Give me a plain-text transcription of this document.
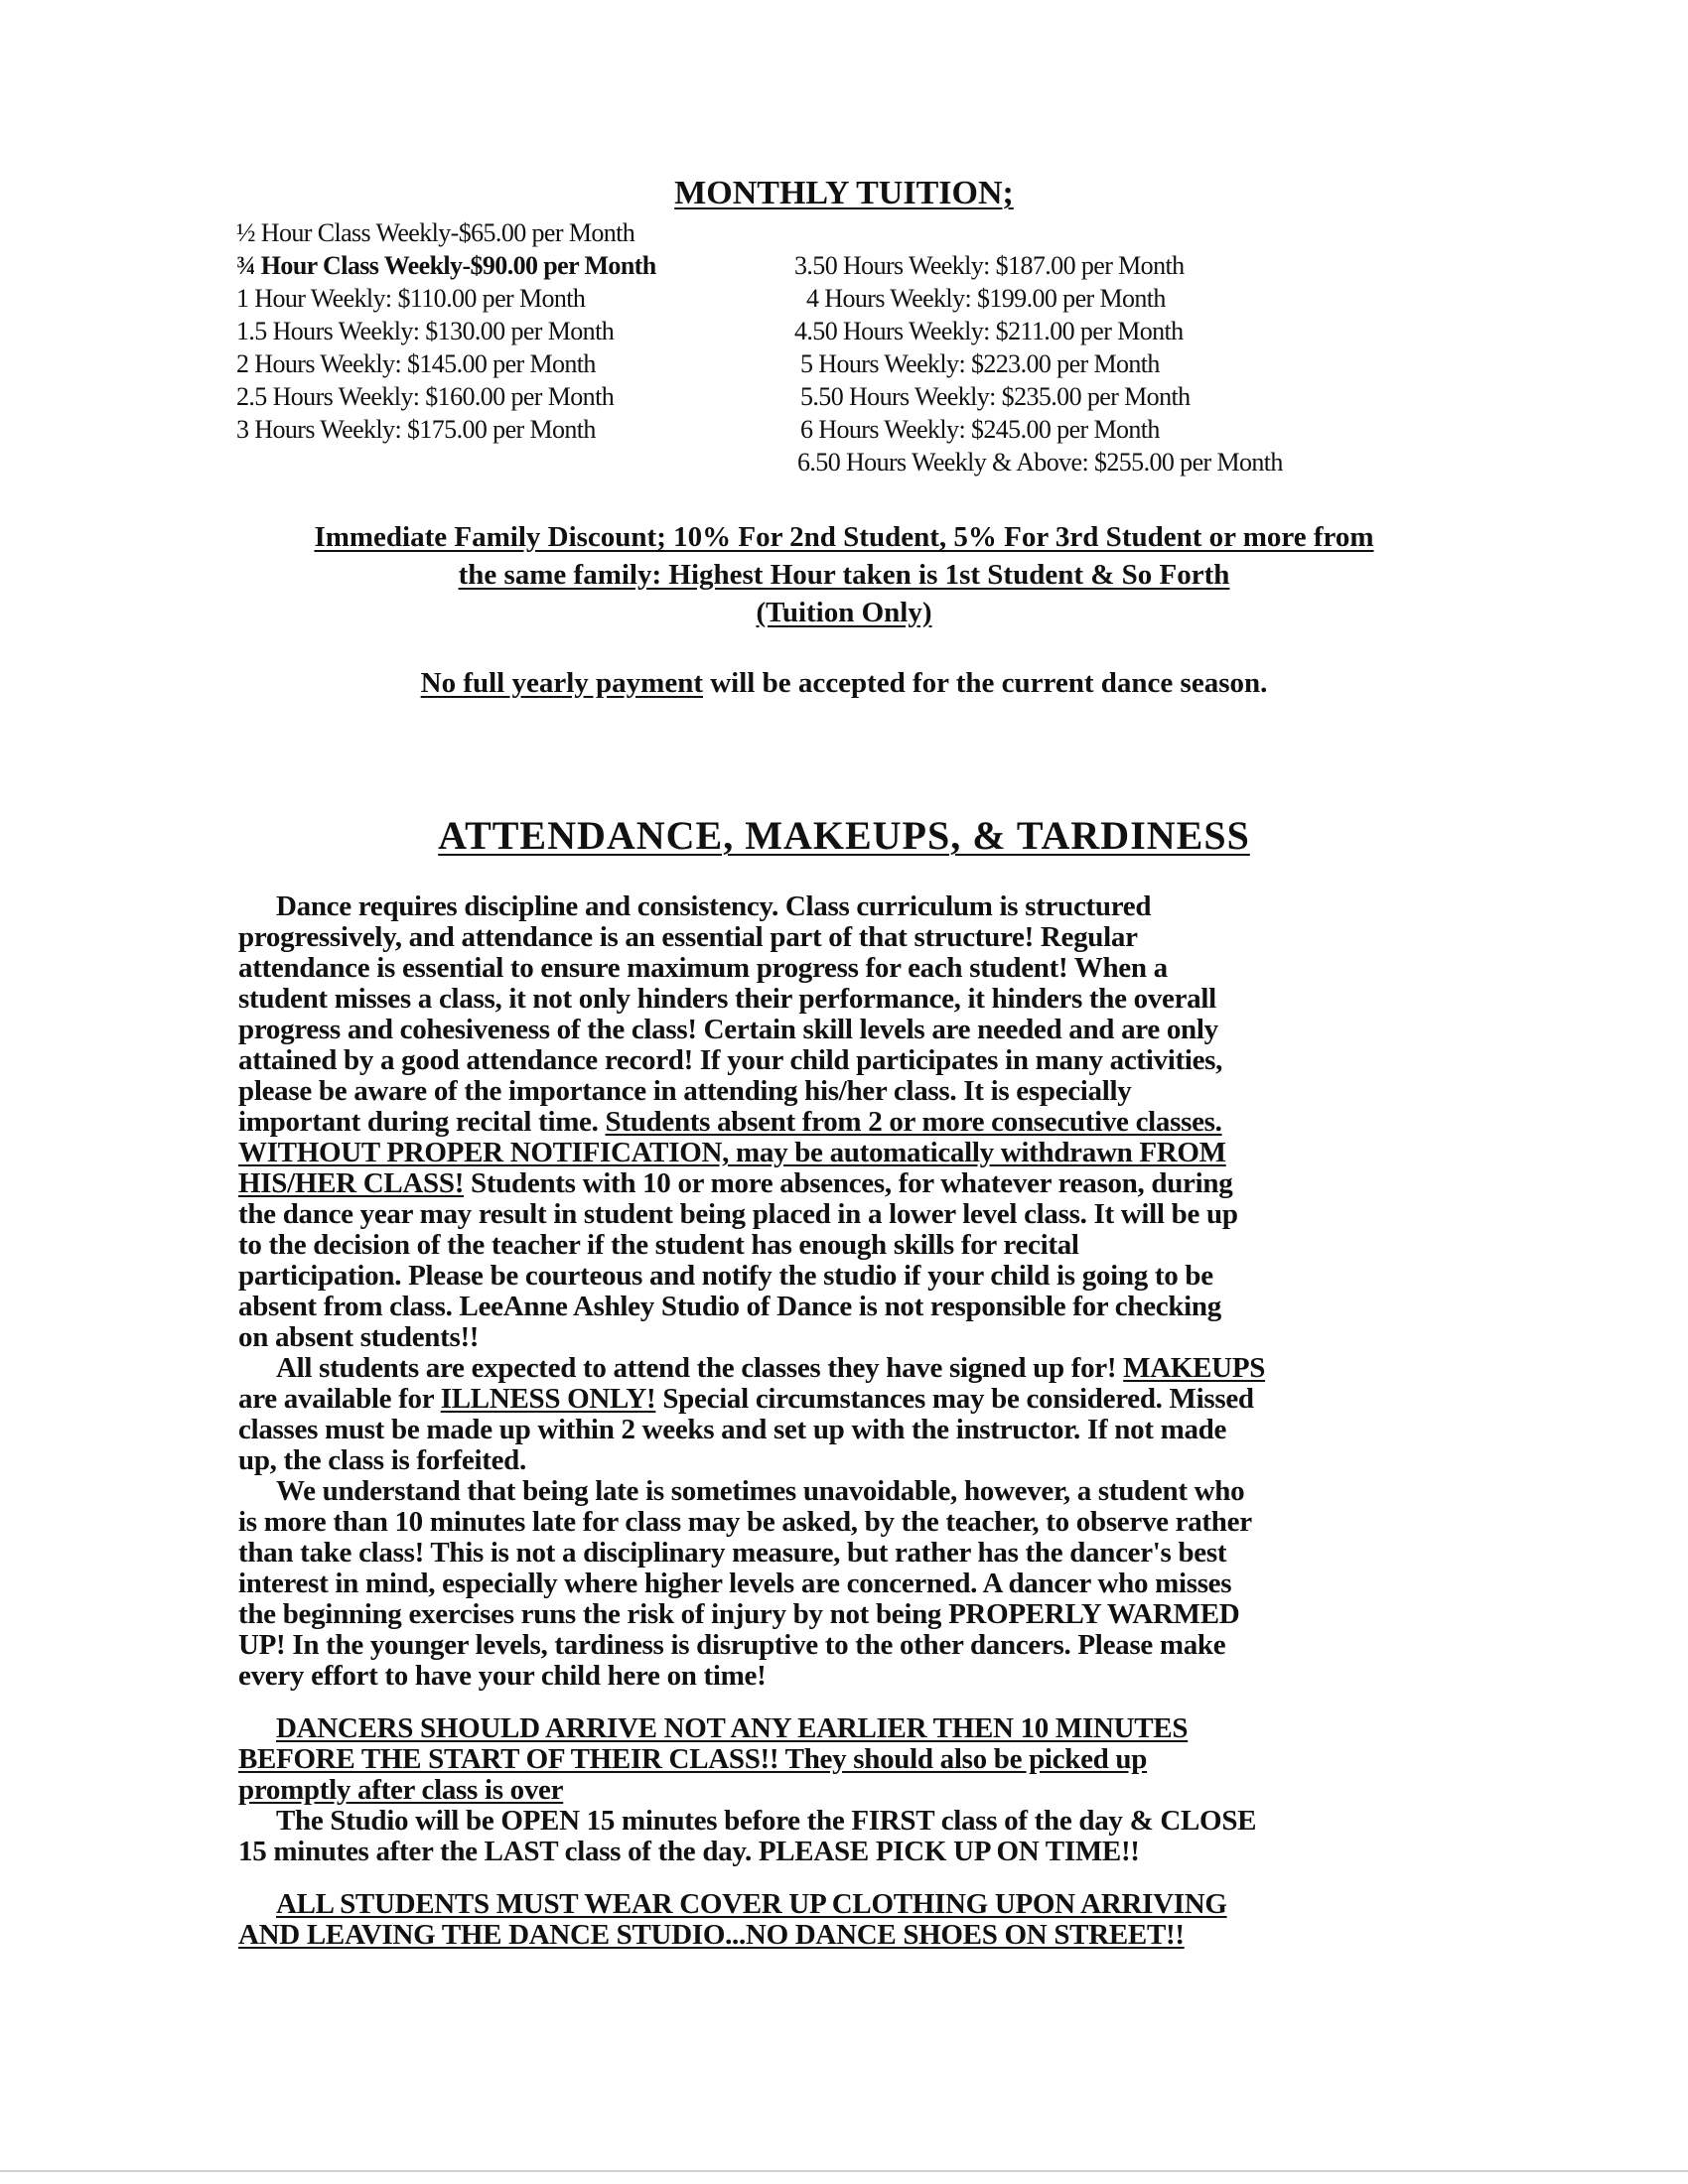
MONTHLY TUITION;
½ Hour Class Weekly-$65.00 per Month
¾ Hour Class Weekly-$90.00 per Month
1 Hour Weekly: $110.00 per Month
1.5 Hours Weekly: $130.00 per Month
2 Hours Weekly: $145.00 per Month
2.5 Hours Weekly: $160.00 per Month
3 Hours Weekly: $175.00 per Month
3.50 Hours Weekly: $187.00 per Month
4 Hours Weekly: $199.00 per Month
4.50 Hours Weekly: $211.00 per Month
5 Hours Weekly: $223.00 per Month
5.50 Hours Weekly: $235.00 per Month
6 Hours Weekly: $245.00 per Month
6.50 Hours Weekly & Above: $255.00 per Month
Immediate Family Discount; 10% For 2nd Student, 5% For 3rd Student or more from
the same family: Highest Hour taken is 1st Student & So Forth
(Tuition Only)
No full yearly payment will be accepted for the current dance season.
ATTENDANCE, MAKEUPS, & TARDINESS
Dance requires discipline and consistency. Class curriculum is structured
progressively, and attendance is an essential part of that structure! Regular
attendance is essential to ensure maximum progress for each student! When a
student misses a class, it not only hinders their performance, it hinders the overall
progress and cohesiveness of the class! Certain skill levels are needed and are only
attained by a good attendance record! If your child participates in many activities,
please be aware of the importance in attending his/her class. It is especially
important during recital time. Students absent from 2 or more consecutive classes.
WITHOUT PROPER NOTIFICATION, may be automatically withdrawn FROM
HIS/HER CLASS! Students with 10 or more absences, for whatever reason, during
the dance year may result in student being placed in a lower level class. It will be up
to the decision of the teacher if the student has enough skills for recital
participation. Please be courteous and notify the studio if your child is going to be
absent from class. LeeAnne Ashley Studio of Dance is not responsible for checking
on absent students!!
All students are expected to attend the classes they have signed up for! MAKEUPS
are available for ILLNESS ONLY! Special circumstances may be considered. Missed
classes must be made up within 2 weeks and set up with the instructor. If not made
up, the class is forfeited.
We understand that being late is sometimes unavoidable, however, a student who
is more than 10 minutes late for class may be asked, by the teacher, to observe rather
than take class! This is not a disciplinary measure, but rather has the dancer's best
interest in mind, especially where higher levels are concerned. A dancer who misses
the beginning exercises runs the risk of injury by not being PROPERLY WARMED
UP! In the younger levels, tardiness is disruptive to the other dancers. Please make
every effort to have your child here on time!
DANCERS SHOULD ARRIVE NOT ANY EARLIER THEN 10 MINUTES
BEFORE THE START OF THEIR CLASS!! They should also be picked up
promptly after class is over
The Studio will be OPEN 15 minutes before the FIRST class of the day & CLOSE
15 minutes after the LAST class of the day. PLEASE PICK UP ON TIME!!
ALL STUDENTS MUST WEAR COVER UP CLOTHING UPON ARRIVING
AND LEAVING THE DANCE STUDIO...NO DANCE SHOES ON STREET!!
